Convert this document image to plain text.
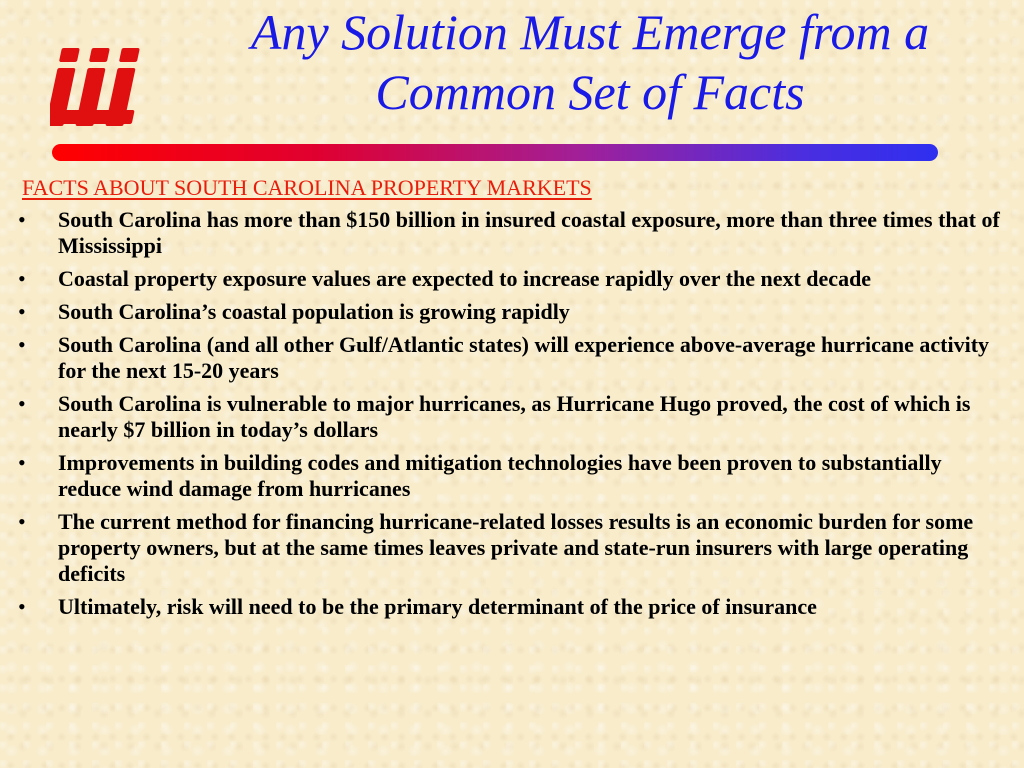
Any Solution Must Emerge from a
Common Set of Facts
FACTS ABOUT SOUTH CAROLINA PROPERTY MARKETS
• South Carolina has more than $150 billion in insured coastal exposure, more than three times that of Mississippi
• Coastal property exposure values are expected to increase rapidly over the next decade
• South Carolina’s coastal population is growing rapidly
• South Carolina (and all other Gulf/Atlantic states) will experience above-average hurricane activity for the next 15-20 years
• South Carolina is vulnerable to major hurricanes, as Hurricane Hugo proved, the cost of which is nearly $7 billion in today’s dollars
• Improvements in building codes and mitigation technologies have been proven to substantially reduce wind damage from hurricanes
• The current method for financing hurricane-related losses results is an economic burden for some property owners, but at the same times leaves private and state-run insurers with large operating deficits
• Ultimately, risk will need to be the primary determinant of the price of insurance
